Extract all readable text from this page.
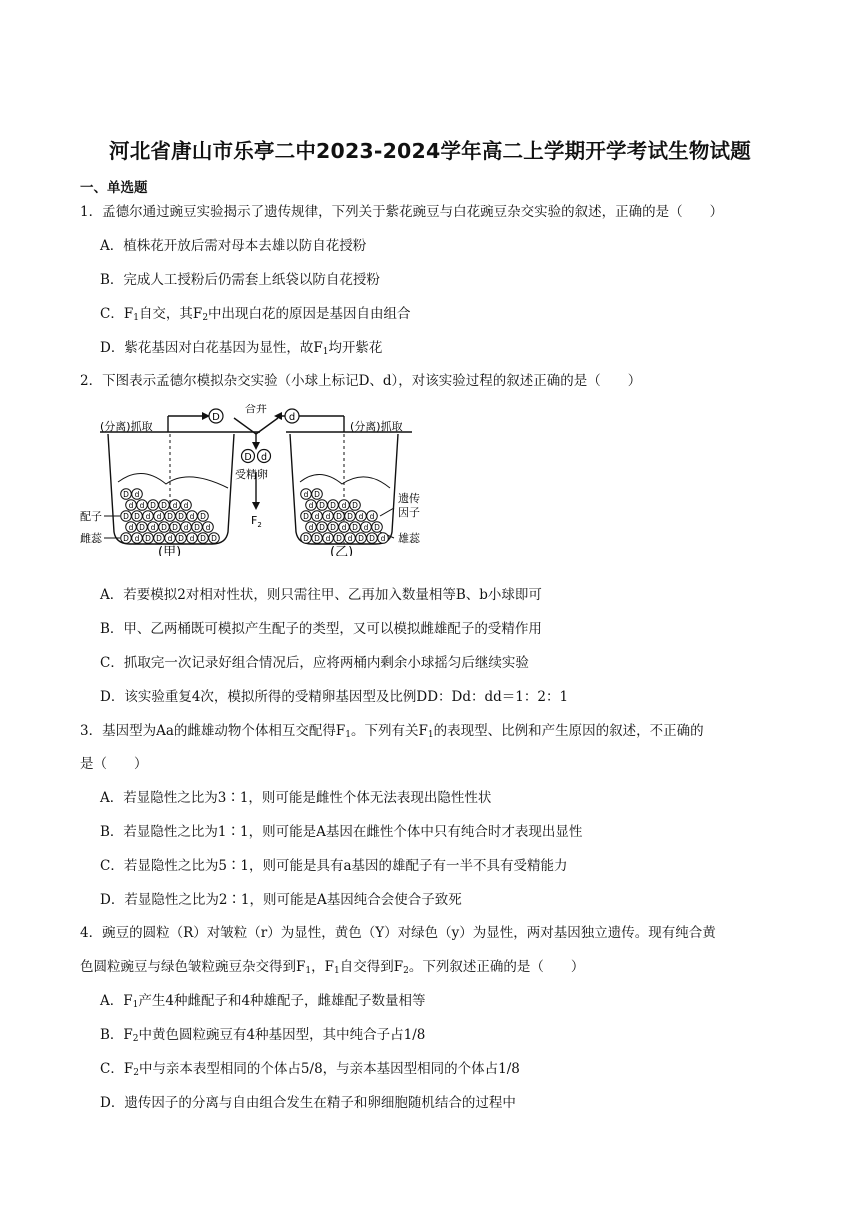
河北省唐山市乐亭二中2023-2024学年高二上学期开学考试生物试题
一、单选题
1．孟德尔通过豌豆实验揭示了遗传规律，下列关于紫花豌豆与白花豌豆杂交实验的叙述，正确的是（　　）
A．植株花开放后需对母本去雄以防自花授粉
B．完成人工授粉后仍需套上纸袋以防自花授粉
C．$F_1$自交，其$F_2$中出现白花的原因是基因自由组合
D．紫花基因对白花基因为显性，故$F_1$均开紫花
2．下图表示孟德尔模拟杂交实验（小球上标记D、d），对该实验过程的叙述正确的是（　　）
D d D D d D d D D
d D d D D d D d
D D d d D D d D
d d D D d d
D d
D D d D d D D d
d D D d D d D
D d d D D d d
d D D d D
d D
D	d
D d
(分离)抓取	(分离)抓取
合并
受精卵
$F_2$
配子
雌蕊
遗传
因子
雄蕊
(甲)	(乙)
A．若要模拟2对相对性状，则只需往甲、乙再加入数量相等B、b小球即可
B．甲、乙两桶既可模拟产生配子的类型，又可以模拟雌雄配子的受精作用
C．抓取完一次记录好组合情况后，应将两桶内剩余小球摇匀后继续实验
D．该实验重复4次，模拟所得的受精卵基因型及比例DD：Dd：dd＝1：2：1
3．基因型为Aa的雌雄动物个体相互交配得$F_1$。下列有关$F_1$的表现型、比例和产生原因的叙述，不正确的
是（　　）
A．若显隐性之比为3∶1，则可能是雌性个体无法表现出隐性性状
B．若显隐性之比为1∶1，则可能是A基因在雌性个体中只有纯合时才表现出显性
C．若显隐性之比为5∶1，则可能是具有a基因的雄配子有一半不具有受精能力
D．若显隐性之比为2∶1，则可能是A基因纯合会使合子致死
4．豌豆的圆粒（R）对皱粒（r）为显性，黄色（Y）对绿色（y）为显性，两对基因独立遗传。现有纯合黄
色圆粒豌豆与绿色皱粒豌豆杂交得到$F_1$，$F_1$自交得到$F_2$。下列叙述正确的是（　　）
A．$F_1$产生4种雌配子和4种雄配子，雌雄配子数量相等
B．$F_2$中黄色圆粒豌豆有4种基因型，其中纯合子占1/8
C．$F_2$中与亲本表型相同的个体占5/8，与亲本基因型相同的个体占1/8
D．遗传因子的分离与自由组合发生在精子和卵细胞随机结合的过程中
